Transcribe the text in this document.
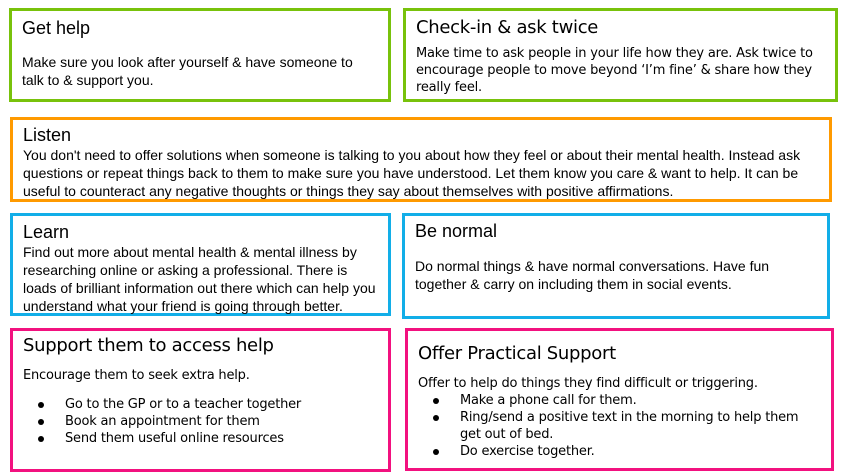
Get help

Make sure you look after yourself & have someone to talk to & support you.

Check-in & ask twice

Make time to ask people in your life how they are. Ask twice to encourage people to move beyond ‘I’m fine’ & share how they really feel.

Listen

You don't need to offer solutions when someone is talking to you about how they feel or about their mental health. Instead ask questions or repeat things back to them to make sure you have understood. Let them know you care & want to help. It can be useful to counteract any negative thoughts or things they say about themselves with positive affirmations.

Learn

Find out more about mental health & mental illness by researching online or asking a professional. There is loads of brilliant information out there which can help you understand what your friend is going through better.

Be normal

Do normal things & have normal conversations. Have fun together & carry on including them in social events.

Support them to access help

Encourage them to seek extra help.

Go to the GP or to a teacher together
Book an appointment for them
Send them useful online resources
Offer Practical Support

Offer to help do things they find difficult or triggering.

Make a phone call for them.
Ring/send a positive text in the morning to help them get out of bed.
Do exercise together.
